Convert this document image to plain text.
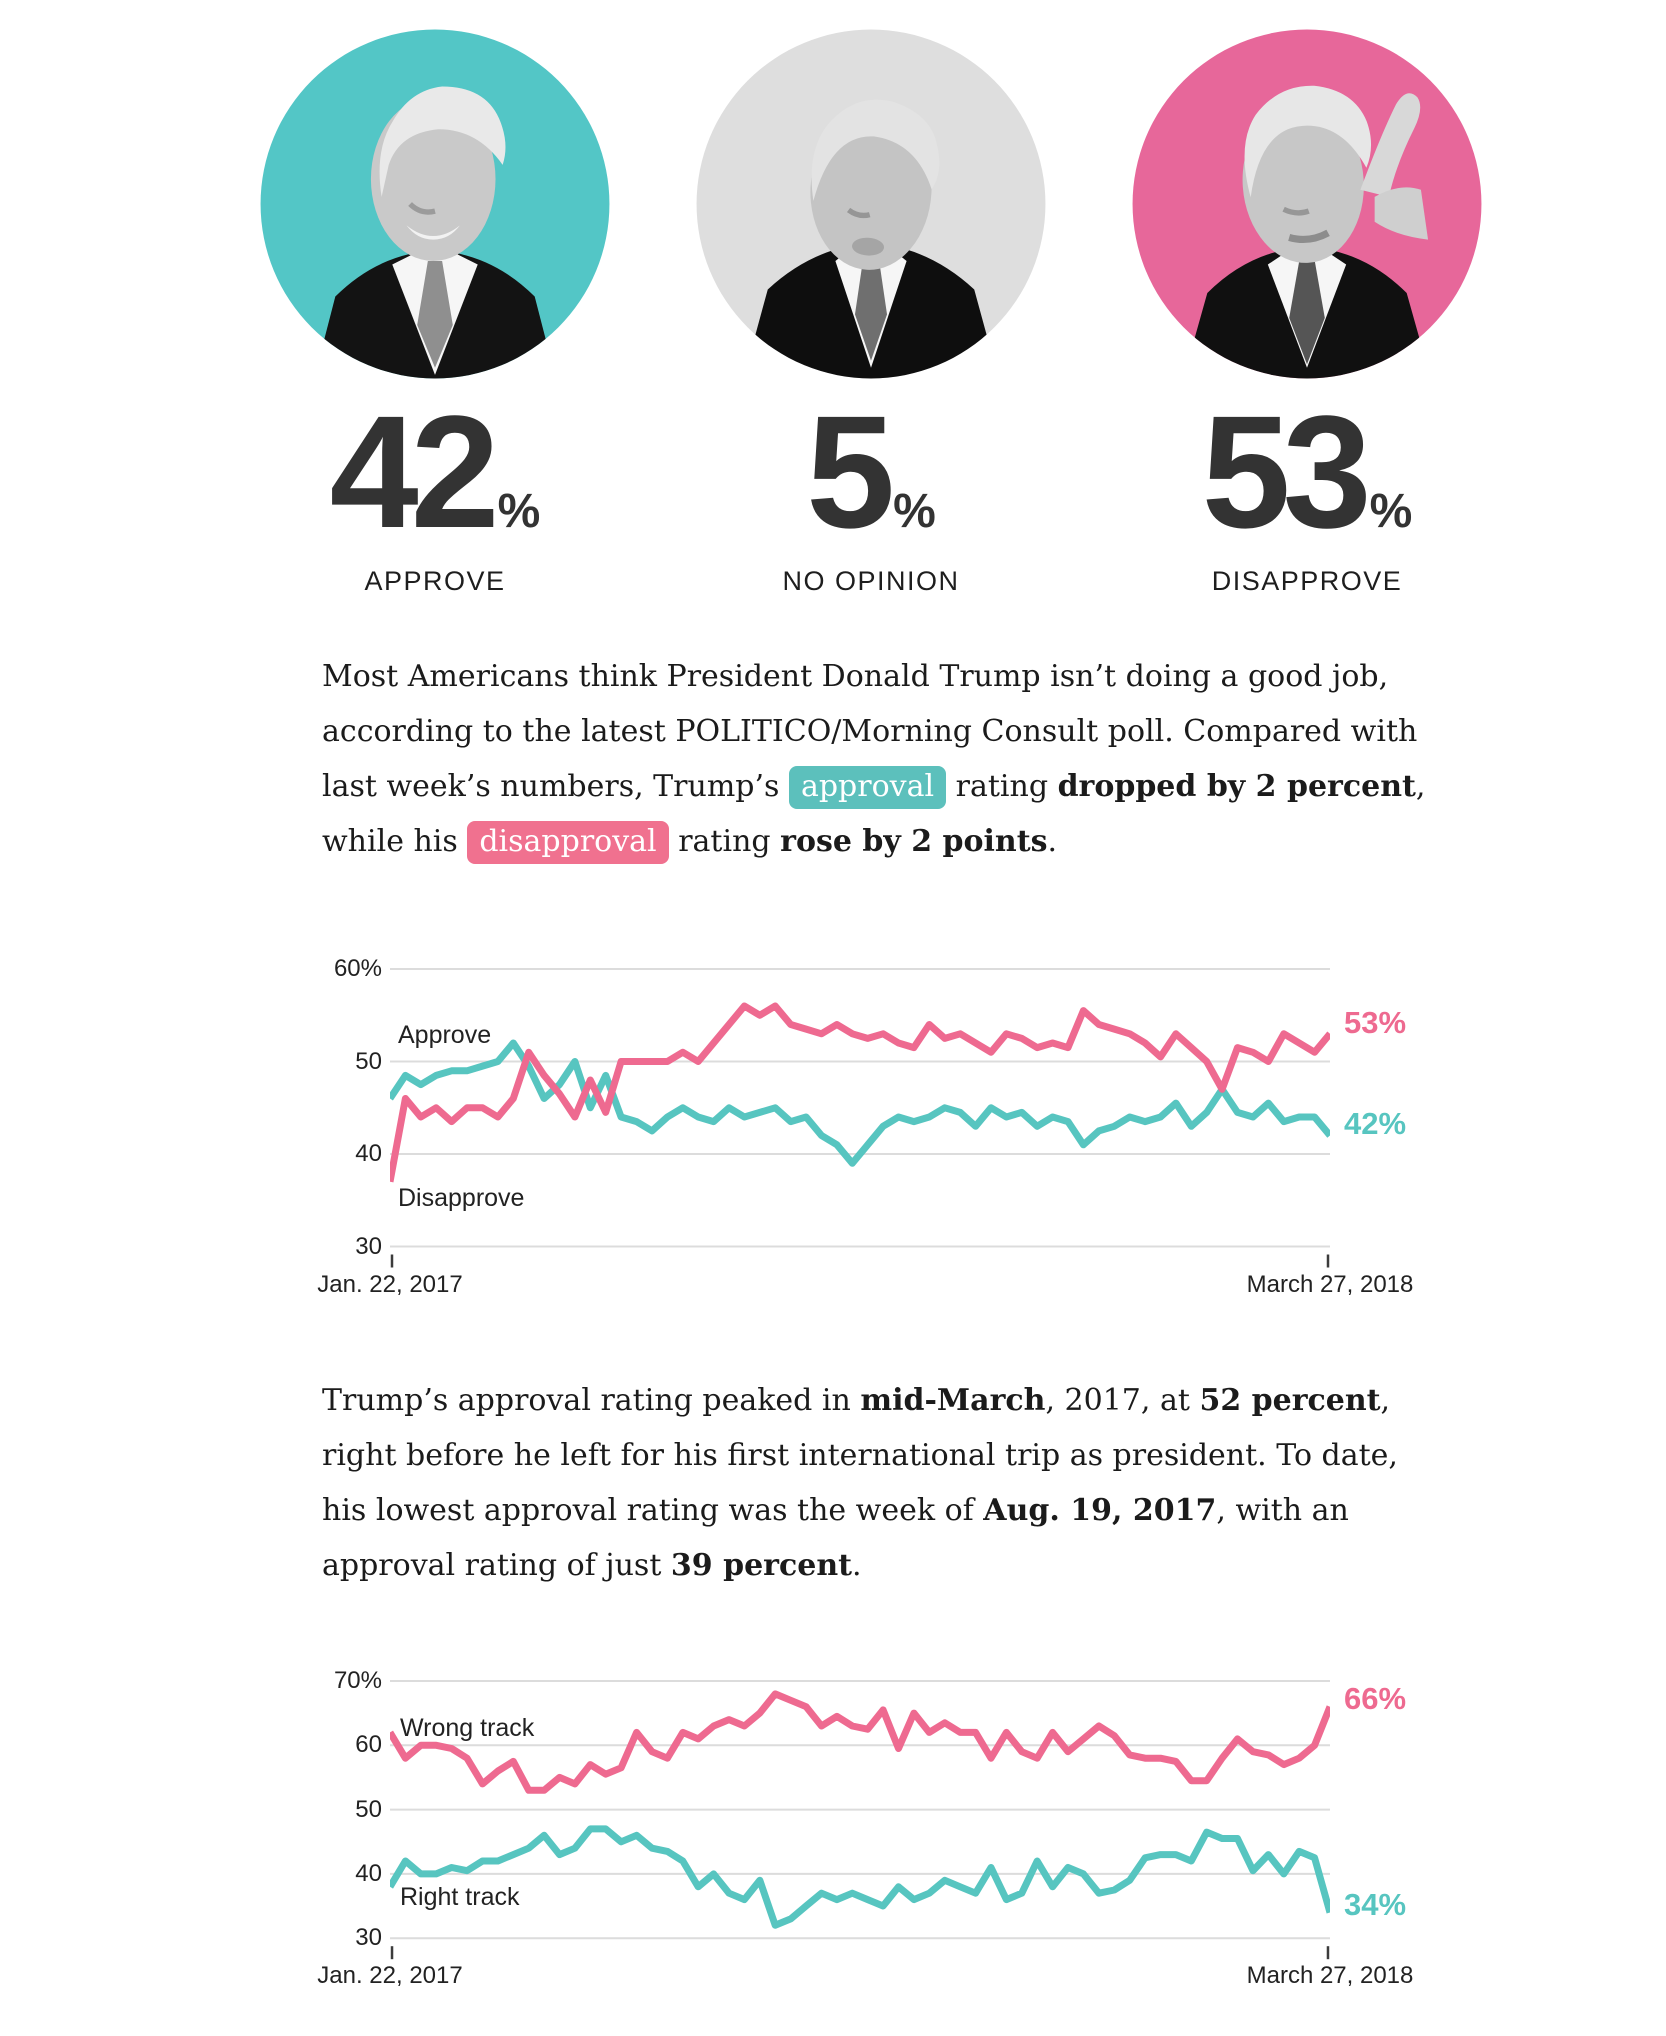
42 %
APPROVE
5 %
NO OPINION
53 %
DISAPPROVE

Most Americans think President Donald Trump isn’t doing a good job,
according to the latest POLITICO/Morning Consult poll. Compared with
last week’s numbers, Trump’s approval rating dropped by 2 percent,
while his disapproval rating rose by 2 points.

60%
50
40
30
Approve
Disapprove
42%
53%
Jan. 22, 2017	March 27, 2018

Trump’s approval rating peaked in mid-March, 2017, at 52 percent,
right before he left for his first international trip as president. To date,
his lowest approval rating was the week of Aug. 19, 2017, with an
approval rating of just 39 percent.

70%
60
50
40
30
Wrong track
Right track	34%
66%
Jan. 22, 2017	March 27, 2018
